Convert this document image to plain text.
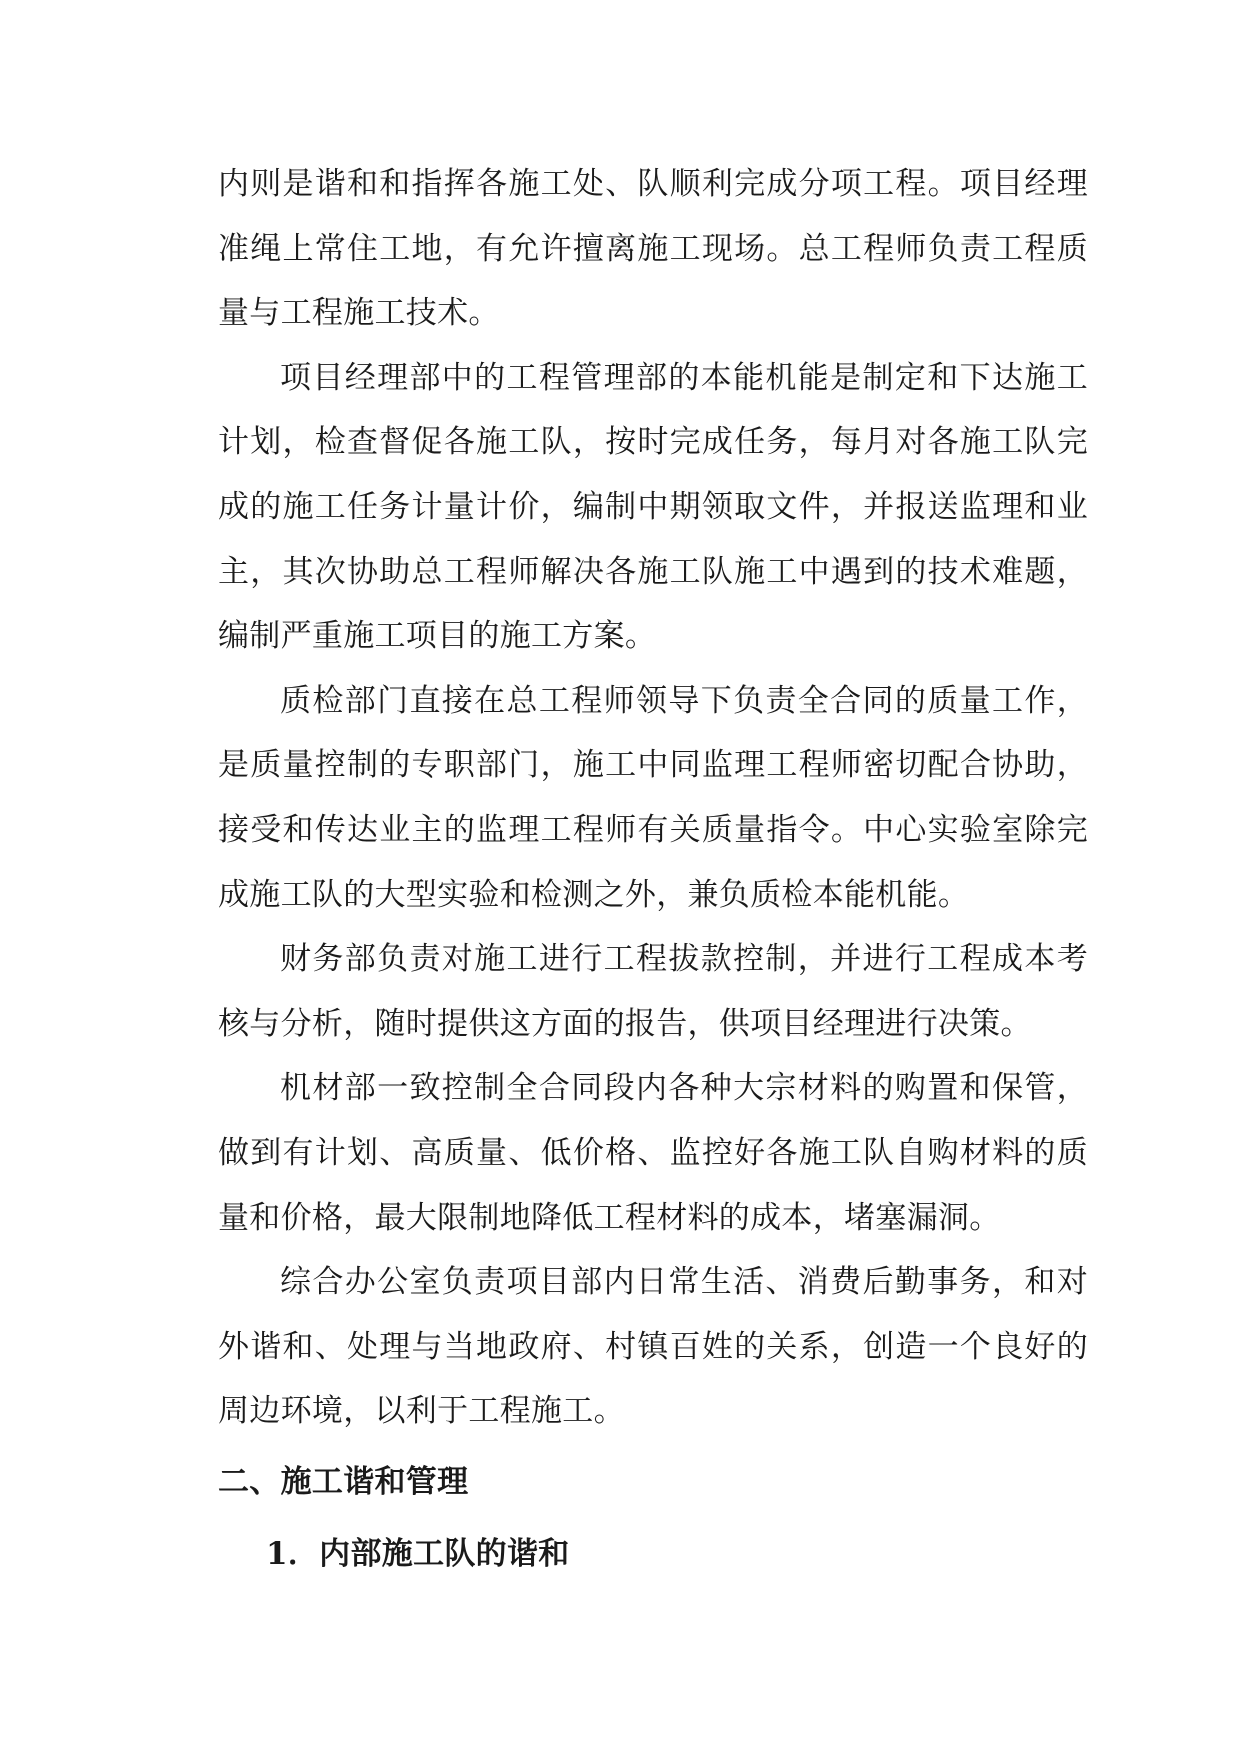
内则是谐和和指挥各施工处、队顺利完成分项工程。项目经理准绳上常住工地，有允许擅离施工现场。总工程师负责工程质量与工程施工技术。

项目经理部中的工程管理部的本能机能是制定和下达施工计划，检查督促各施工队，按时完成任务，每月对各施工队完成的施工任务计量计价，编制中期领取文件，并报送监理和业主，其次协助总工程师解决各施工队施工中遇到的技术难题，编制严重施工项目的施工方案。

质检部门直接在总工程师领导下负责全合同的质量工作，是质量控制的专职部门，施工中同监理工程师密切配合协助，接受和传达业主的监理工程师有关质量指令。中心实验室除完成施工队的大型实验和检测之外，兼负质检本能机能。

财务部负责对施工进行工程拔款控制，并进行工程成本考核与分析，随时提供这方面的报告，供项目经理进行决策。

机材部一致控制全合同段内各种大宗材料的购置和保管，做到有计划、高质量、低价格、监控好各施工队自购材料的质量和价格，最大限制地降低工程材料的成本，堵塞漏洞。

综合办公室负责项目部内日常生活、消费后勤事务，和对外谐和、处理与当地政府、村镇百姓的关系，创造一个良好的周边环境，以利于工程施工。

二、施工谐和管理
1．内部施工队的谐和
